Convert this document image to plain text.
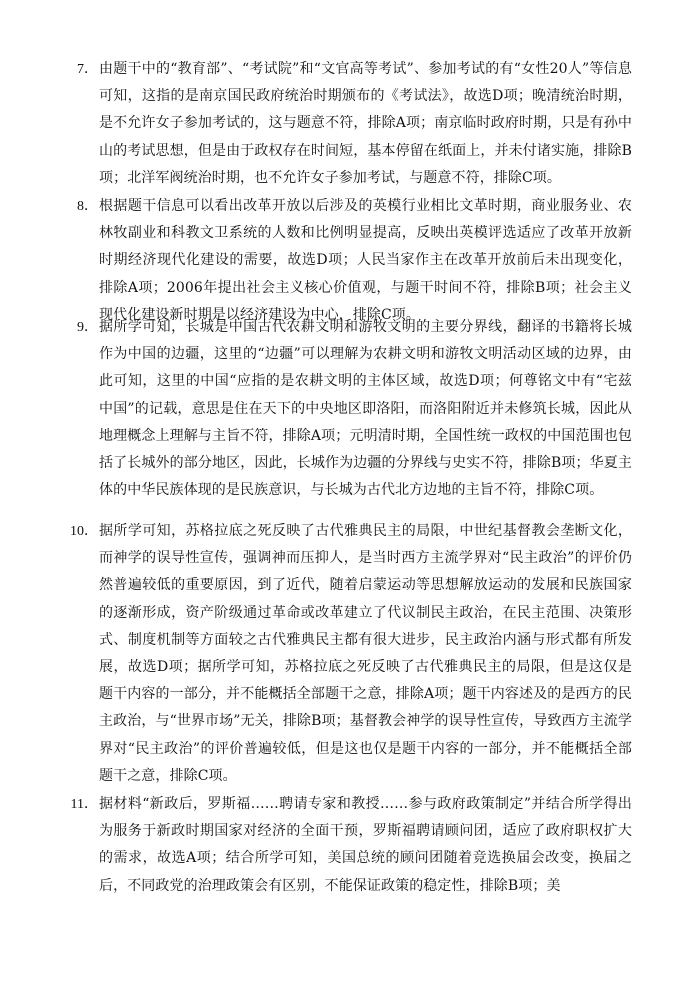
7． 由题干中的“教育部”、“考试院”和“文官高等考试”、参加考试的有“女性20人”等信息可知，这指的是南京国民政府统治时期颁布的《考试法》，故选D项；晚清统治时期，是不允许女子参加考试的，这与题意不符，排除A项；南京临时政府时期，只是有孙中山的考试思想，但是由于政权存在时间短，基本停留在纸面上，并未付诸实施，排除B项；北洋军阀统治时期，也不允许女子参加考试，与题意不符，排除C项。
8． 根据题干信息可以看出改革开放以后涉及的英模行业相比文革时期，商业服务业、农林牧副业和科教文卫系统的人数和比例明显提高，反映出英模评选适应了改革开放新时期经济现代化建设的需要，故选D项；人民当家作主在改革开放前后未出现变化，排除A项；2006年提出社会主义核心价值观，与题干时间不符，排除B项；社会主义现代化建设新时期是以经济建设为中心，排除C项。
9． 据所学可知，长城是中国古代农耕文明和游牧文明的主要分界线，翻译的书籍将长城作为中国的边疆，这里的“边疆”可以理解为农耕文明和游牧文明活动区域的边界，由此可知，这里的中国“应指的是农耕文明的主体区域，故选D项；何尊铭文中有“宅兹中国”的记载，意思是住在天下的中央地区即洛阳，而洛阳附近并未修筑长城，因此从地理概念上理解与主旨不符，排除A项；元明清时期，全国性统一政权的中国范围也包括了长城外的部分地区，因此，长城作为边疆的分界线与史实不符，排除B项；华夏主体的中华民族体现的是民族意识，与长城为古代北方边地的主旨不符，排除C项。
10． 据所学可知，苏格拉底之死反映了古代雅典民主的局限，中世纪基督教会垄断文化，而神学的误导性宣传，强调神而压抑人，是当时西方主流学界对“民主政治”的评价仍然普遍较低的重要原因，到了近代，随着启蒙运动等思想解放运动的发展和民族国家的逐渐形成，资产阶级通过革命或改革建立了代议制民主政治，在民主范围、决策形式、制度机制等方面较之古代雅典民主都有很大进步，民主政治内涵与形式都有所发展，故选D项；据所学可知，苏格拉底之死反映了古代雅典民主的局限，但是这仅是题干内容的一部分，并不能概括全部题干之意，排除A项；题干内容述及的是西方的民主政治，与“世界市场”无关，排除B项；基督教会神学的误导性宣传，导致西方主流学界对“民主政治”的评价普遍较低，但是这也仅是题干内容的一部分，并不能概括全部题干之意，排除C项。
11． 据材料“新政后，罗斯福……聘请专家和教授……参与政府政策制定”并结合所学得出为服务于新政时期国家对经济的全面干预，罗斯福聘请顾问团，适应了政府职权扩大的需求，故选A项；结合所学可知，美国总统的顾问团随着竞选换届会改变，换届之后，不同政党的治理政策会有区别，不能保证政策的稳定性，排除B项；美
